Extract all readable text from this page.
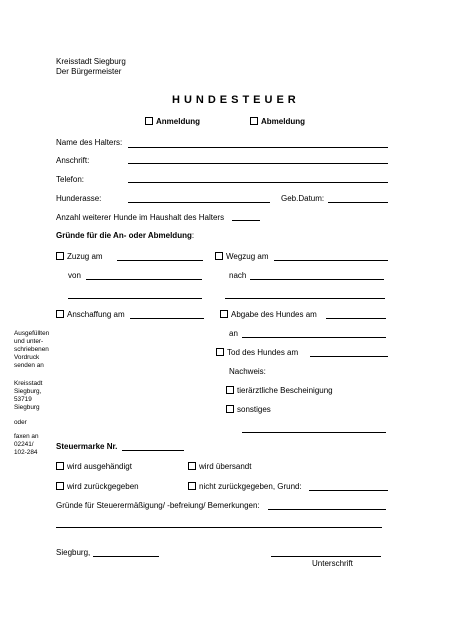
Kreisstadt Siegburg
Der Bürgermeister
HUNDESTEUER
Anmeldung	Abmeldung
Name des Halters:
Anschrift:
Telefon:
Hunderasse:	Geb.Datum:
Anzahl weiterer Hunde im Haushalt des Halters
Gründe für die An- oder Abmeldung:
Zuzug am	Wegzug am
von	nach
Anschaffung am	Abgabe des Hundes am
an
Tod des Hundes am
Nachweis:
tierärztliche Bescheinigung
sonstiges
Ausgefüllten
und unter-
schriebenen
Vordruck
senden an
Kreisstadt
Siegburg,
53719
Siegburg
oder
faxen an
02241/
102-284
Steuermarke Nr.
wird ausgehändigt	wird übersandt
wird zurückgegeben	nicht zurückgegeben, Grund:
Gründe für Steuerermäßigung/ -befreiung/ Bemerkungen:
Siegburg,
Unterschrift
